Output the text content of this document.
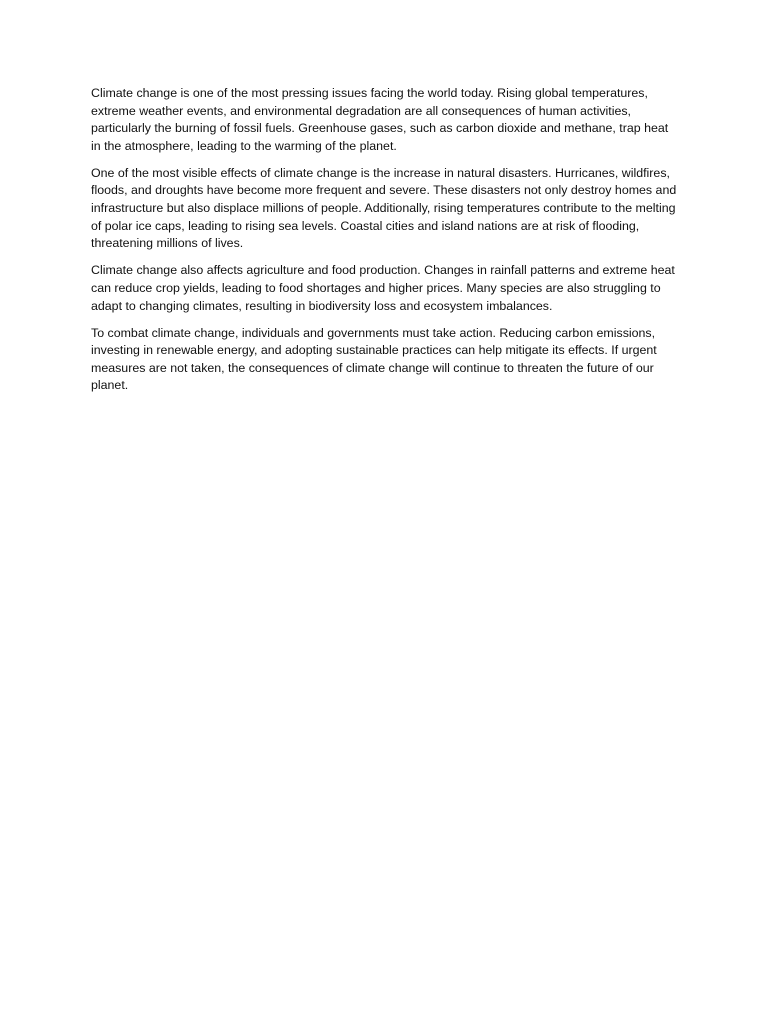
Climate change is one of the most pressing issues facing the world today. Rising global temperatures, extreme weather events, and environmental degradation are all consequences of human activities, particularly the burning of fossil fuels. Greenhouse gases, such as carbon dioxide and methane, trap heat in the atmosphere, leading to the warming of the planet.

One of the most visible effects of climate change is the increase in natural disasters. Hurricanes, wildfires, floods, and droughts have become more frequent and severe. These disasters not only destroy homes and infrastructure but also displace millions of people. Additionally, rising temperatures contribute to the melting of polar ice caps, leading to rising sea levels. Coastal cities and island nations are at risk of flooding, threatening millions of lives.

Climate change also affects agriculture and food production. Changes in rainfall patterns and extreme heat can reduce crop yields, leading to food shortages and higher prices. Many species are also struggling to adapt to changing climates, resulting in biodiversity loss and ecosystem imbalances.

To combat climate change, individuals and governments must take action. Reducing carbon emissions, investing in renewable energy, and adopting sustainable practices can help mitigate its effects. If urgent measures are not taken, the consequences of climate change will continue to threaten the future of our planet.
